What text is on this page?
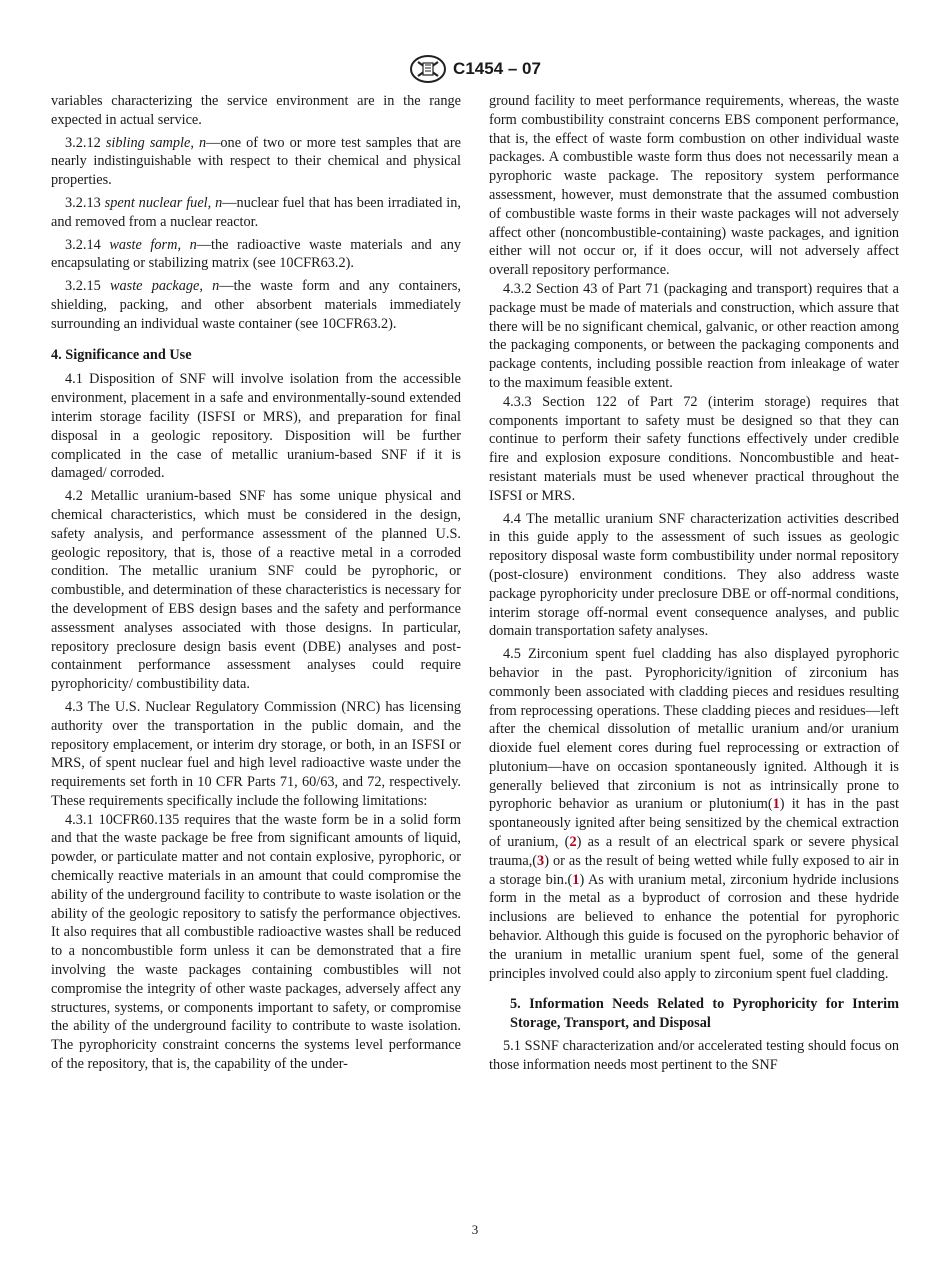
C1454 – 07

variables characterizing the service environment are in the range expected in actual service.

3.2.12 sibling sample, n—one of two or more test samples that are nearly indistinguishable with respect to their chemical and physical properties.

3.2.13 spent nuclear fuel, n—nuclear fuel that has been irradiated in, and removed from a nuclear reactor.

3.2.14 waste form, n—the radioactive waste materials and any encapsulating or stabilizing matrix (see 10CFR63.2).

3.2.15 waste package, n—the waste form and any containers, shielding, packing, and other absorbent materials immediately surrounding an individual waste container (see 10CFR63.2).

4. Significance and Use

4.1 Disposition of SNF will involve isolation from the accessible environment, placement in a safe and environmentally-sound extended interim storage facility (ISFSI or MRS), and preparation for final disposal in a geologic repository. Disposition will be further complicated in the case of metallic uranium-based SNF if it is damaged/ corroded.

4.2 Metallic uranium-based SNF has some unique physical and chemical characteristics, which must be considered in the design, safety analysis, and performance assessment of the planned U.S. geologic repository, that is, those of a reactive metal in a corroded condition. The metallic uranium SNF could be pyrophoric, or combustible, and determination of these characteristics is necessary for the development of EBS design bases and the safety and performance assessment analyses associated with those designs. In particular, repository preclosure design basis event (DBE) analyses and post-containment performance assessment analyses could require pyrophoricity/ combustibility data.

4.3 The U.S. Nuclear Regulatory Commission (NRC) has licensing authority over the transportation in the public domain, and the repository emplacement, or interim dry storage, or both, in an ISFSI or MRS, of spent nuclear fuel and high level radioactive waste under the requirements set forth in 10 CFR Parts 71, 60/63, and 72, respectively. These requirements specifically include the following limitations:

4.3.1 10CFR60.135 requires that the waste form be in a solid form and that the waste package be free from significant amounts of liquid, powder, or particulate matter and not contain explosive, pyrophoric, or chemically reactive materials in an amount that could compromise the ability of the underground facility to contribute to waste isolation or the ability of the geologic repository to satisfy the performance objectives. It also requires that all combustible radioactive wastes shall be reduced to a noncombustible form unless it can be demonstrated that a fire involving the waste packages containing combustibles will not compromise the integrity of other waste packages, adversely affect any structures, systems, or components important to safety, or compromise the ability of the underground facility to contribute to waste isolation. The pyrophoricity constraint concerns the systems level performance of the repository, that is, the capability of the under-

ground facility to meet performance requirements, whereas, the waste form combustibility constraint concerns EBS component performance, that is, the effect of waste form combustion on other individual waste packages. A combustible waste form thus does not necessarily mean a pyrophoric waste package. The repository system performance assessment, however, must demonstrate that the assumed combustion of combustible waste forms in their waste packages will not adversely affect other (noncombustible-containing) waste packages, and ignition either will not occur or, if it does occur, will not adversely affect overall repository performance.

4.3.2 Section 43 of Part 71 (packaging and transport) requires that a package must be made of materials and construction, which assure that there will be no significant chemical, galvanic, or other reaction among the packaging components, or between the packaging components and package contents, including possible reaction from inleakage of water to the maximum feasible extent.

4.3.3 Section 122 of Part 72 (interim storage) requires that components important to safety must be designed so that they can continue to perform their safety functions effectively under credible fire and explosion exposure conditions. Noncombustible and heat-resistant materials must be used whenever practical throughout the ISFSI or MRS.

4.4 The metallic uranium SNF characterization activities described in this guide apply to the assessment of such issues as geologic repository disposal waste form combustibility under normal repository (post-closure) environment conditions. They also address waste package pyrophoricity under preclosure DBE or off-normal conditions, interim storage off-normal event consequence analyses, and public domain transportation safety analyses.

4.5 Zirconium spent fuel cladding has also displayed pyrophoric behavior in the past. Pyrophoricity/ignition of zirconium has commonly been associated with cladding pieces and residues resulting from reprocessing operations. These cladding pieces and residues—left after the chemical dissolution of metallic uranium and/or uranium dioxide fuel element cores during fuel reprocessing or extraction of plutonium—have on occasion spontaneously ignited. Although it is generally believed that zirconium is not as intrinsically prone to pyrophoric behavior as uranium or plutonium(1) it has in the past spontaneously ignited after being sensitized by the chemical extraction of uranium, (2) as a result of an electrical spark or severe physical trauma,(3) or as the result of being wetted while fully exposed to air in a storage bin.(1) As with uranium metal, zirconium hydride inclusions form in the metal as a byproduct of corrosion and these hydride inclusions are believed to enhance the potential for pyrophoric behavior. Although this guide is focused on the pyrophoric behavior of the uranium in metallic uranium spent fuel, some of the general principles involved could also apply to zirconium spent fuel cladding.

5. Information Needs Related to Pyrophoricity for Interim Storage, Transport, and Disposal

5.1 SSNF characterization and/or accelerated testing should focus on those information needs most pertinent to the SNF

3
